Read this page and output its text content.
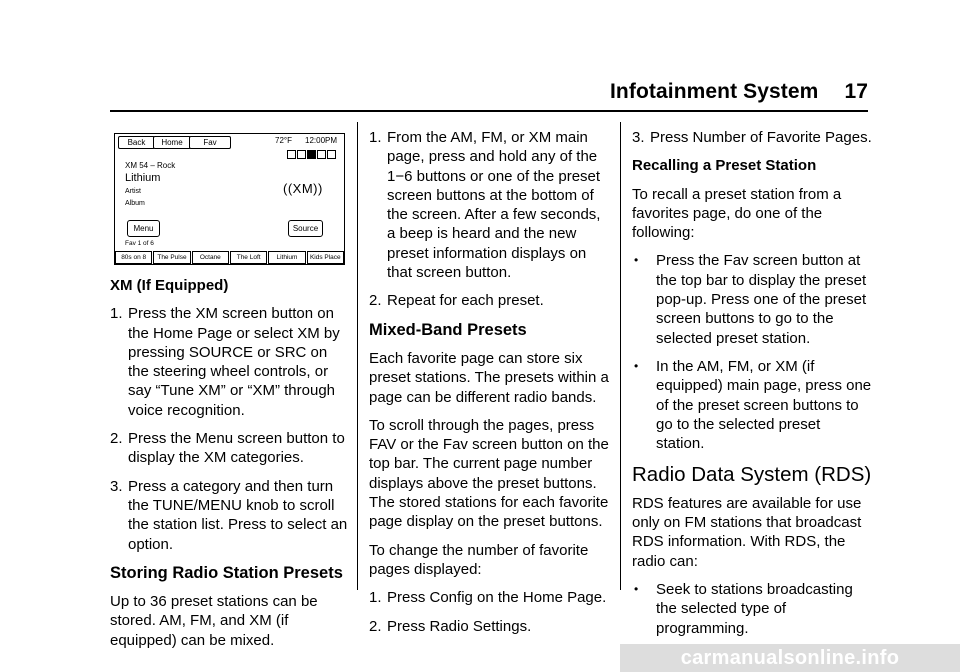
Infotainment System 17
Back	Home	Fav	72°F 12:00PM
XM 54 – Rock
Lithium
Artist
Album
((XM))
Menu	Source
Fav 1 of 6
80s on 8	The Pulse	Octane	The Loft	Lithium	Kids Place
XM (If Equipped)
1. Press the XM screen button on the Home Page or select XM by pressing SOURCE or SRC on the steering wheel controls, or say “Tune XM” or “XM” through voice recognition.
2. Press the Menu screen button to display the XM categories.
3. Press a category and then turn the TUNE/MENU knob to scroll the station list. Press to select an option.
Storing Radio Station Presets
Up to 36 preset stations can be stored. AM, FM, and XM (if equipped) can be mixed.
1. From the AM, FM, or XM main page, press and hold any of the 1−6 buttons or one of the preset screen buttons at the bottom of the screen. After a few seconds, a beep is heard and the new preset information displays on that screen button.
2. Repeat for each preset.
Mixed-Band Presets
Each favorite page can store six preset stations. The presets within a page can be different radio bands.
To scroll through the pages, press FAV or the Fav screen button on the top bar. The current page number displays above the preset buttons. The stored stations for each favorite page display on the preset buttons.
To change the number of favorite pages displayed:
1. Press Config on the Home Page.
2. Press Radio Settings.
3. Press Number of Favorite Pages.
Recalling a Preset Station
To recall a preset station from a favorites page, do one of the following:
•	Press the Fav screen button at the top bar to display the preset pop-up. Press one of the preset screen buttons to go to the selected preset station.
•	In the AM, FM, or XM (if equipped) main page, press one of the preset screen buttons to go to the selected preset station.
Radio Data System (RDS)
RDS features are available for use only on FM stations that broadcast RDS information. With RDS, the radio can:
•	Seek to stations broadcasting the selected type of programming.
carmanualsonline.info
